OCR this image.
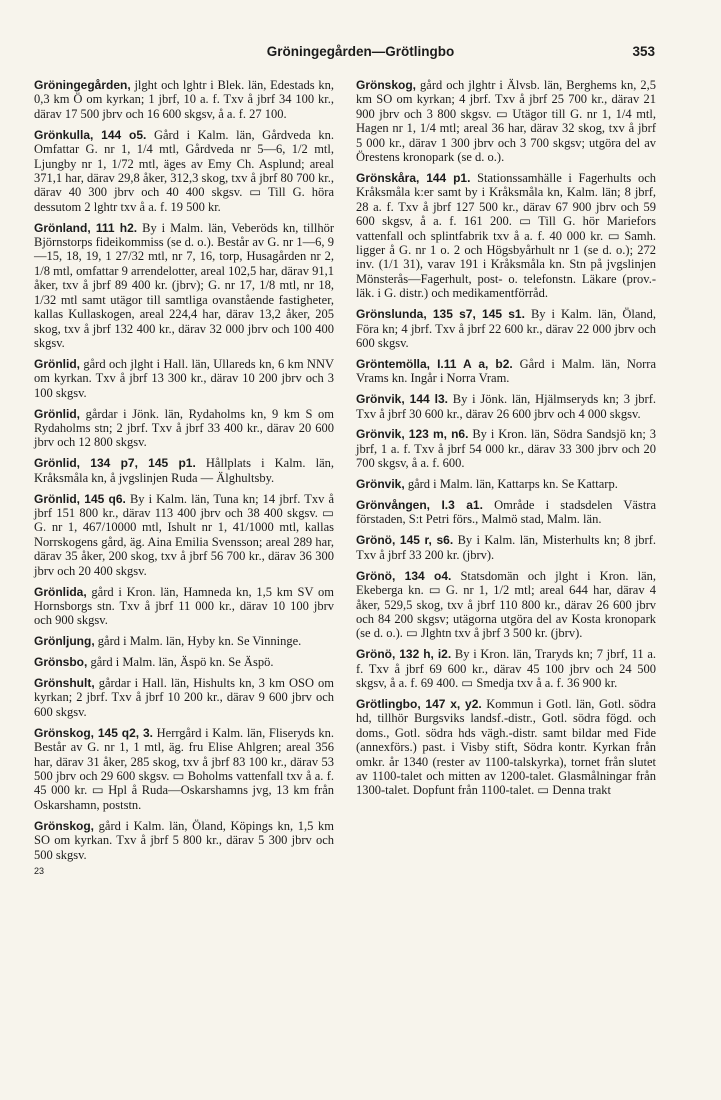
Gröningegården—Grötlingbo	353

Gröningegården, jlght och lghtr i Blek. län, Edestads kn, 0,3 km Ö om kyrkan; 1 jbrf, 10 a. f. Txv å jbrf 34 100 kr., därav 17 500 jbrv och 16 600 skgsv, å a. f. 27 100.

Grönkulla, 144 o5. Gård i Kalm. län, Gårdveda kn. Omfattar G. nr 1, 1/4 mtl, Gårdveda nr 5—6, 1/2 mtl, Ljungby nr 1, 1/72 mtl, äges av Emy Ch. Asplund; areal 371,1 har, därav 29,8 åker, 312,3 skog, txv å jbrf 80 700 kr., därav 40 300 jbrv och 40 400 skgsv. ▭ Till G. höra dessutom 2 lghtr txv å a. f. 19 500 kr.

Grönland, 111 h2. By i Malm. län, Veberöds kn, tillhör Björnstorps fideikommiss (se d. o.). Består av G. nr 1—6, 9—15, 18, 19, 1 27/32 mtl, nr 7, 16, torp, Husagården nr 2, 1/8 mtl, omfattar 9 arrendelotter, areal 102,5 har, därav 91,1 åker, txv å jbrf 89 400 kr. (jbrv); G. nr 17, 1/8 mtl, nr 18, 1/32 mtl samt utägor till samtliga ovanstående fastigheter, kallas Kullaskogen, areal 224,4 har, därav 13,2 åker, 205 skog, txv å jbrf 132 400 kr., därav 32 000 jbrv och 100 400 skgsv.

Grönlid, gård och jlght i Hall. län, Ullareds kn, 6 km NNV om kyrkan. Txv å jbrf 13 300 kr., därav 10 200 jbrv och 3 100 skgsv.

Grönlid, gårdar i Jönk. län, Rydaholms kn, 9 km S om Rydaholms stn; 2 jbrf. Txv å jbrf 33 400 kr., därav 20 600 jbrv och 12 800 skgsv.

Grönlid, 134 p7, 145 p1. Hållplats i Kalm. län, Kråksmåla kn, å jvgslinjen Ruda — Älghultsby.

Grönlid, 145 q6. By i Kalm. län, Tuna kn; 14 jbrf. Txv å jbrf 151 800 kr., därav 113 400 jbrv och 38 400 skgsv. ▭ G. nr 1, 467/10000 mtl, Ishult nr 1, 41/1000 mtl, kallas Norrskogens gård, äg. Aina Emilia Svensson; areal 289 har, därav 35 åker, 200 skog, txv å jbrf 56 700 kr., därav 36 300 jbrv och 20 400 skgsv.

Grönlida, gård i Kron. län, Hamneda kn, 1,5 km SV om Hornsborgs stn. Txv å jbrf 11 000 kr., därav 10 100 jbrv och 900 skgsv.

Grönljung, gård i Malm. län, Hyby kn. Se Vinninge.

Grönsbo, gård i Malm. län, Äspö kn. Se Äspö.

Grönshult, gårdar i Hall. län, Hishults kn, 3 km OSO om kyrkan; 2 jbrf. Txv å jbrf 10 200 kr., därav 9 600 jbrv och 600 skgsv.

Grönskog, 145 q2, 3. Herrgård i Kalm. län, Fliseryds kn. Består av G. nr 1, 1 mtl, äg. fru Elise Ahlgren; areal 356 har, därav 31 åker, 285 skog, txv å jbrf 83 100 kr., därav 53 500 jbrv och 29 600 skgsv. ▭ Boholms vattenfall txv å a. f. 45 000 kr. ▭ Hpl å Ruda—Oskarshamns jvg, 13 km från Oskarshamn, poststn.

Grönskog, gård i Kalm. län, Öland, Köpings kn, 1,5 km SO om kyrkan. Txv å jbrf 5 800 kr., därav 5 300 jbrv och 500 skgsv.

23

Grönskog, gård och jlghtr i Älvsb. län, Berghems kn, 2,5 km SO om kyrkan; 4 jbrf. Txv å jbrf 25 700 kr., därav 21 900 jbrv och 3 800 skgsv. ▭ Utägor till G. nr 1, 1/4 mtl, Hagen nr 1, 1/4 mtl; areal 36 har, därav 32 skog, txv å jbrf 5 000 kr., därav 1 300 jbrv och 3 700 skgsv; utgöra del av Örestens kronopark (se d. o.).

Grönskåra, 144 p1. Stationssamhälle i Fagerhults och Kråksmåla k:er samt by i Kråksmåla kn, Kalm. län; 8 jbrf, 28 a. f. Txv å jbrf 127 500 kr., därav 67 900 jbrv och 59 600 skgsv, å a. f. 161 200. ▭ Till G. hör Mariefors vattenfall och splintfabrik txv å a. f. 40 000 kr. ▭ Samh. ligger å G. nr 1 o. 2 och Högsbyårhult nr 1 (se d. o.); 272 inv. (1/1 31), varav 191 i Kråksmåla kn. Stn på jvgslinjen Mönsterås—Fagerhult, post- o. telefonstn. Läkare (prov.-läk. i G. distr.) och medikamentförråd.

Grönslunda, 135 s7, 145 s1. By i Kalm. län, Öland, Föra kn; 4 jbrf. Txv å jbrf 22 600 kr., därav 22 000 jbrv och 600 skgsv.

Gröntemölla, I.11 A a, b2. Gård i Malm. län, Norra Vrams kn. Ingår i Norra Vram.

Grönvik, 144 l3. By i Jönk. län, Hjälmseryds kn; 3 jbrf. Txv å jbrf 30 600 kr., därav 26 600 jbrv och 4 000 skgsv.

Grönvik, 123 m, n6. By i Kron. län, Södra Sandsjö kn; 3 jbrf, 1 a. f. Txv å jbrf 54 000 kr., därav 33 300 jbrv och 20 700 skgsv, å a. f. 600.

Grönvik, gård i Malm. län, Kattarps kn. Se Kattarp.

Grönvången, I.3 a1. Område i stadsdelen Västra förstaden, S:t Petri förs., Malmö stad, Malm. län.

Grönö, 145 r, s6. By i Kalm. län, Misterhults kn; 8 jbrf. Txv å jbrf 33 200 kr. (jbrv).

Grönö, 134 o4. Statsdomän och jlght i Kron. län, Ekeberga kn. ▭ G. nr 1, 1/2 mtl; areal 644 har, därav 4 åker, 529,5 skog, txv å jbrf 110 800 kr., därav 26 600 jbrv och 84 200 skgsv; utägorna utgöra del av Kosta kronopark (se d. o.). ▭ Jlghtn txv å jbrf 3 500 kr. (jbrv).

Grönö, 132 h, i2. By i Kron. län, Traryds kn; 7 jbrf, 11 a. f. Txv å jbrf 69 600 kr., därav 45 100 jbrv och 24 500 skgsv, å a. f. 69 400. ▭ Smedja txv å a. f. 36 900 kr.

Grötlingbo, 147 x, y2. Kommun i Gotl. län, Gotl. södra hd, tillhör Burgsviks landsf.-distr., Gotl. södra fögd. och doms., Gotl. södra hds vägh.-distr. samt bildar med Fide (annexförs.) past. i Visby stift, Södra kontr. Kyrkan från omkr. år 1340 (rester av 1100-talskyrka), tornet från slutet av 1100-talet och mitten av 1200-talet. Glasmålningar från 1300-talet. Dopfunt från 1100-talet. ▭ Denna trakt
